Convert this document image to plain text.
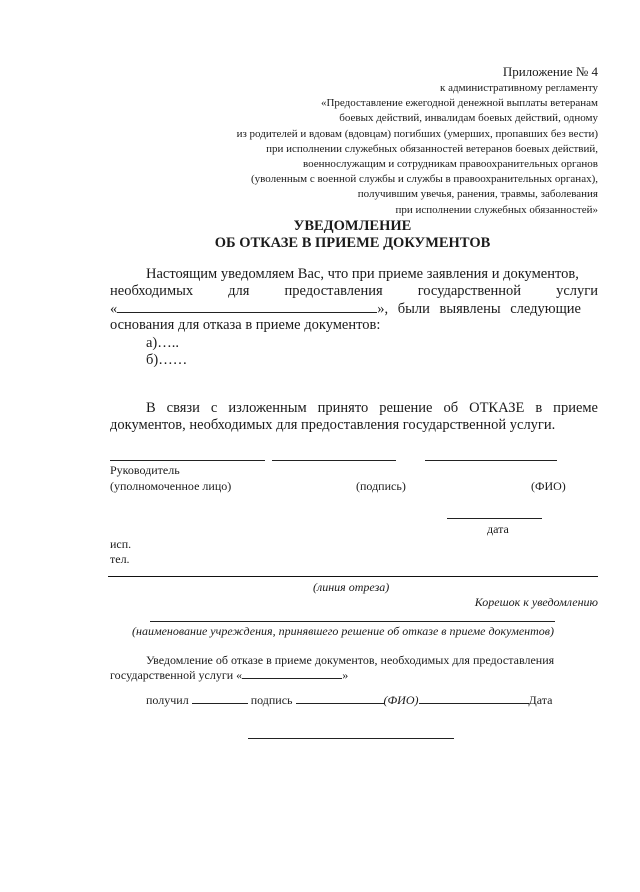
Приложение № 4
к административному регламенту
«Предоставление ежегодной денежной выплаты ветеранам
боевых действий, инвалидам боевых действий, одному
из родителей и вдовам (вдовцам) погибших (умерших, пропавших без вести)
при исполнении служебных обязанностей ветеранов боевых действий,
военнослужащим и сотрудникам правоохранительных органов
(уволенным с военной службы и службы в правоохранительных органах),
получившим увечья, ранения, травмы, заболевания
при исполнении служебных обязанностей»
УВЕДОМЛЕНИЕ
ОБ ОТКАЗЕ В ПРИЕМЕ ДОКУМЕНТОВ
Настоящим уведомляем Вас, что при приеме заявления и документов,
необходимых для предоставления государственной услуги
«	», были выявлены следующие
основания для отказа в приеме документов:
а)…..
б)……
В связи с изложенным принято решение об ОТКАЗЕ в приеме
документов, необходимых для предоставления государственной услуги.
Руководитель
(уполномоченное лицо)	(подпись)	(ФИО)
дата
исп.
тел.
(линия отреза)
Корешок к уведомлению
(наименование учреждения, принявшего решение об отказе в приеме документов)
Уведомление об отказе в приеме документов, необходимых для предоставления
государственной услуги «	»
получил	подпись	(ФИО)	Дата
